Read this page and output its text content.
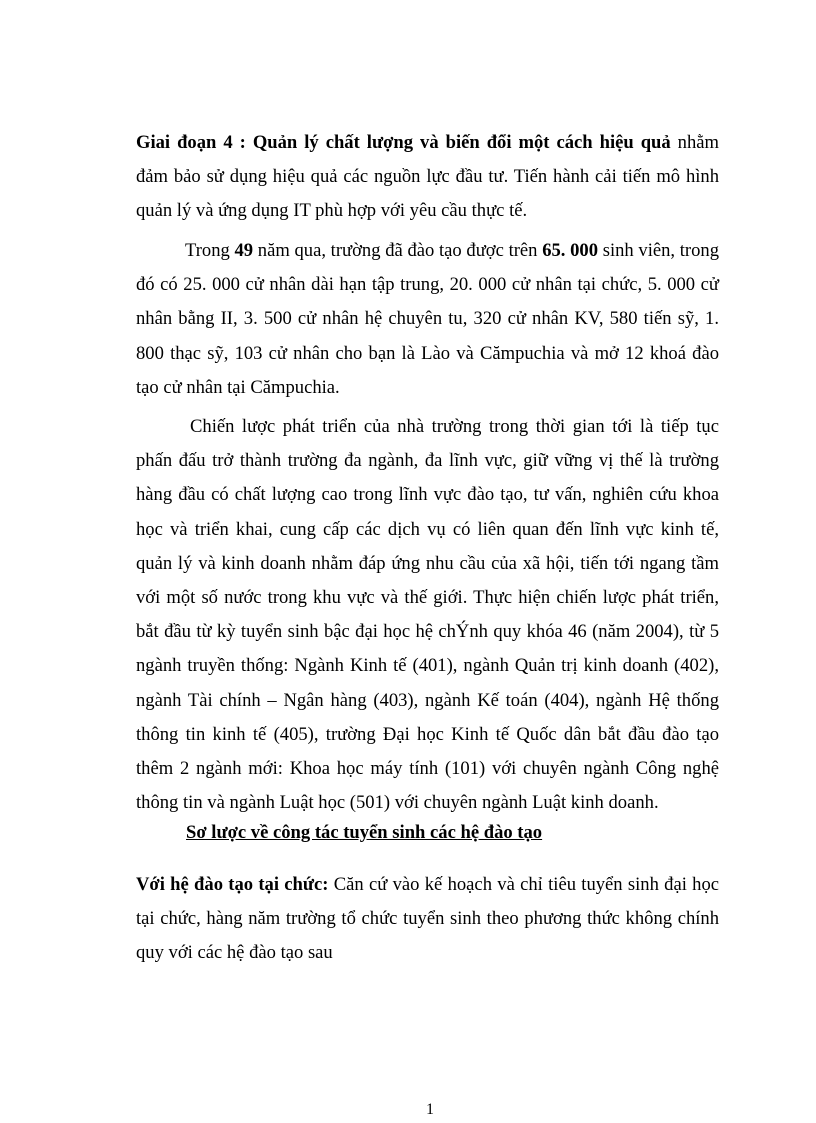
Giai đoạn 4 : Quản lý chất lượng và biến đổi một cách hiệu quả nhằm đảm bảo sử dụng hiệu quả các nguồn lực đầu tư. Tiến hành cải tiến mô hình quản lý và ứng dụng IT phù hợp với yêu cầu thực tế.

Trong 49 năm qua, trường đã đào tạo được trên 65. 000 sinh viên, trong đó có 25. 000 cử nhân dài hạn tập trung, 20. 000 cử nhân tại chức, 5. 000 cử nhân bằng II, 3. 500 cử nhân hệ chuyên tu, 320 cử nhân KV, 580 tiến sỹ, 1. 800 thạc sỹ, 103 cử nhân cho bạn là Lào và Cămpuchia và mở 12 khoá đào tạo cử nhân tại Cămpuchia.

Chiến lược phát triển của nhà trường trong thời gian tới là tiếp tục phấn đấu trở thành trường đa ngành, đa lĩnh vực, giữ vững vị thế là trường hàng đầu có chất lượng cao trong lĩnh vực đào tạo, tư vấn, nghiên cứu khoa học và triển khai, cung cấp các dịch vụ có liên quan đến lĩnh vực kinh tế, quản lý và kinh doanh nhằm đáp ứng nhu cầu của xã hội, tiến tới ngang tầm với một số nước trong khu vực và thế giới. Thực hiện chiến lược phát triển, bắt đầu từ kỳ tuyển sinh bậc đại học hệ chÝnh quy khóa 46 (năm 2004), từ 5 ngành truyền thống: Ngành Kinh tế (401), ngành Quản trị kinh doanh (402), ngành Tài chính – Ngân hàng (403), ngành Kế toán (404), ngành Hệ thống thông tin kinh tế (405), trường Đại học Kinh tế Quốc dân bắt đầu đào tạo thêm 2 ngành mới: Khoa học máy tính (101) với chuyên ngành Công nghệ thông tin và ngành Luật học (501) với chuyên ngành Luật kinh doanh.

Sơ lược về công tác tuyển sinh các hệ đào tạo

Với hệ đào tạo tại chức: Căn cứ vào kế hoạch và chỉ tiêu tuyển sinh đại học tại chức, hàng năm trường tổ chức tuyển sinh theo phương thức không chính quy với các hệ đào tạo sau

1
